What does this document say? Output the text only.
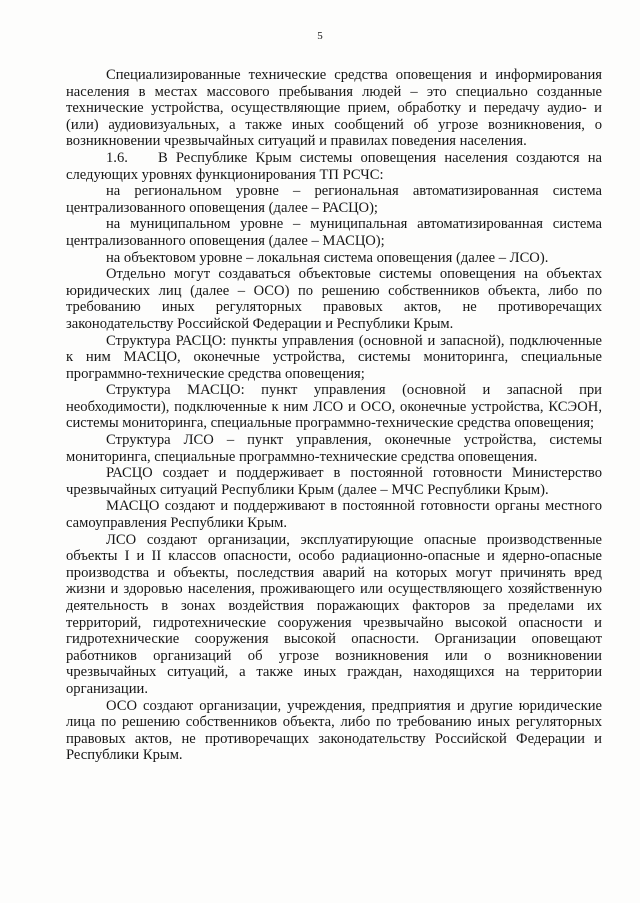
5

Специализированные технические средства оповещения и информирования населения в местах массового пребывания людей – это специально созданные технические устройства, осуществляющие прием, обработку и передачу аудио- и (или) аудиовизуальных, а также иных сообщений об угрозе возникновения, о возникновении чрезвычайных ситуаций и правилах поведения населения.

1.6. В Республике Крым системы оповещения населения создаются на следующих уровнях функционирования ТП РСЧС:

на региональном уровне – региональная автоматизированная система централизованного оповещения (далее – РАСЦО);

на муниципальном уровне – муниципальная автоматизированная система централизованного оповещения (далее – МАСЦО);

на объектовом уровне – локальная система оповещения (далее – ЛСО).

Отдельно могут создаваться объектовые системы оповещения на объектах юридических лиц (далее – ОСО) по решению собственников объекта, либо по требованию иных регуляторных правовых актов, не противоречащих законодательству Российской Федерации и Республики Крым.

Структура РАСЦО: пункты управления (основной и запасной), подключенные к ним МАСЦО, оконечные устройства, системы мониторинга, специальные программно-технические средства оповещения;

Структура МАСЦО: пункт управления (основной и запасной при необходимости), подключенные к ним ЛСО и ОСО, оконечные устройства, КСЭОН, системы мониторинга, специальные программно-технические средства оповещения;

Структура ЛСО – пункт управления, оконечные устройства, системы мониторинга, специальные программно-технические средства оповещения.

РАСЦО создает и поддерживает в постоянной готовности Министерство чрезвычайных ситуаций Республики Крым (далее – МЧС Республики Крым).

МАСЦО создают и поддерживают в постоянной готовности органы местного самоуправления Республики Крым.

ЛСО создают организации, эксплуатирующие опасные производственные объекты I и II классов опасности, особо радиационно-опасные и ядерно-опасные производства и объекты, последствия аварий на которых могут причинять вред жизни и здоровью населения, проживающего или осуществляющего хозяйственную деятельность в зонах воздействия поражающих факторов за пределами их территорий, гидротехнические сооружения чрезвычайно высокой опасности и гидротехнические сооружения высокой опасности. Организации оповещают работников организаций об угрозе возникновения или о возникновении чрезвычайных ситуаций, а также иных граждан, находящихся на территории организации.

ОСО создают организации, учреждения, предприятия и другие юридические лица по решению собственников объекта, либо по требованию иных регуляторных правовых актов, не противоречащих законодательству Российской Федерации и Республики Крым.
